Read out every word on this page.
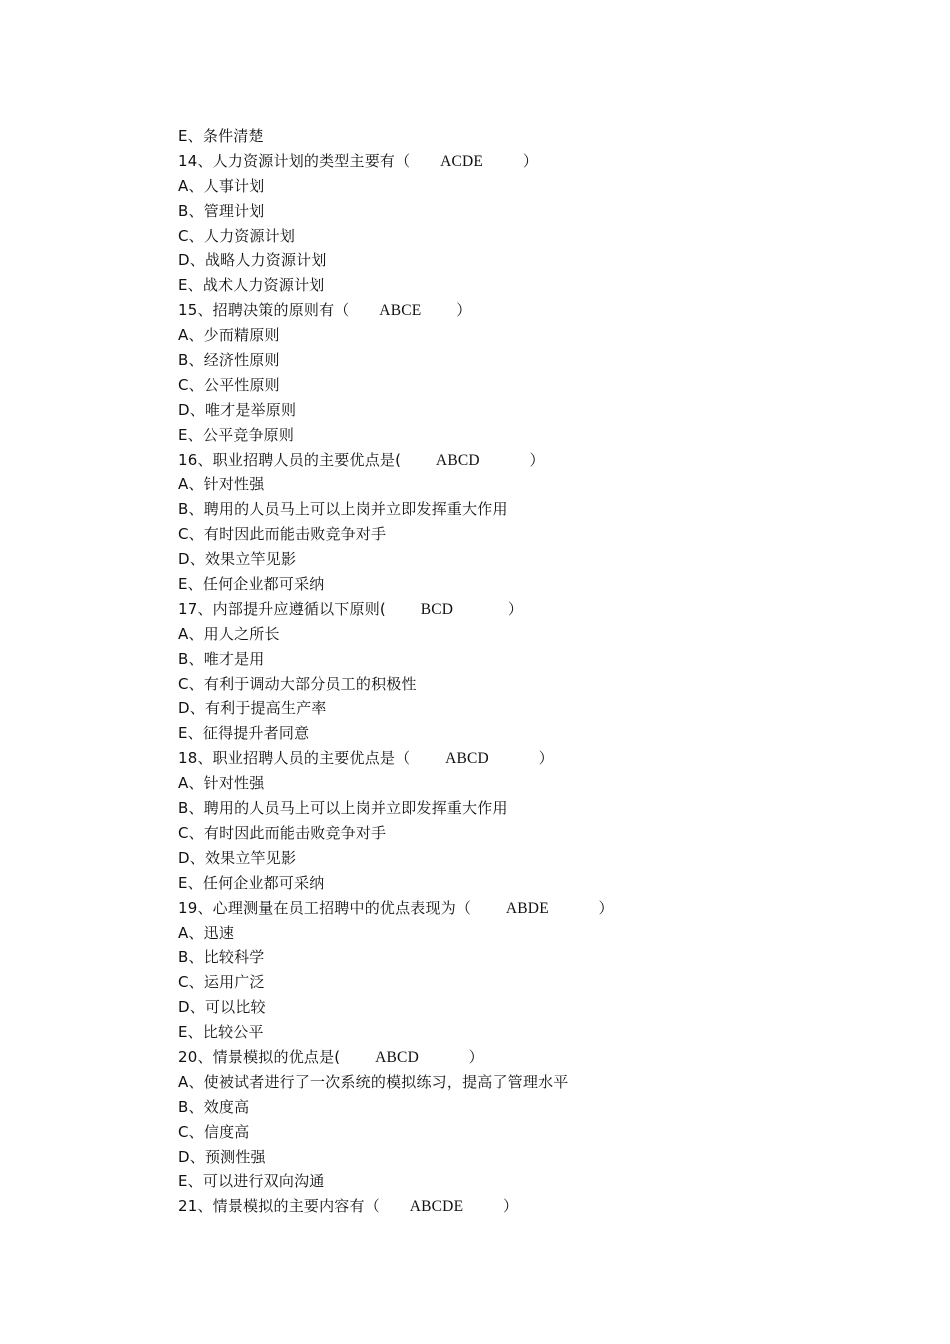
E、条件清楚
14、人力资源计划的类型主要有（      ACDE        ）
A、人事计划
B、管理计划
C、人力资源计划
D、战略人力资源计划
E、战术人力资源计划
15、招聘决策的原则有（      ABCE       ）
A、少而精原则
B、经济性原则
C、公平性原则
D、唯才是举原则
E、公平竞争原则
16、职业招聘人员的主要优点是(       ABCD          ）
A、针对性强
B、聘用的人员马上可以上岗并立即发挥重大作用
C、有时因此而能击败竞争对手
D、效果立竿见影
E、任何企业都可采纳
17、内部提升应遵循以下原则(       BCD           ）
A、用人之所长
B、唯才是用
C、有利于调动大部分员工的积极性
D、有利于提高生产率
E、征得提升者同意
18、职业招聘人员的主要优点是（       ABCD          ）
A、针对性强
B、聘用的人员马上可以上岗并立即发挥重大作用
C、有时因此而能击败竞争对手
D、效果立竿见影
E、任何企业都可采纳
19、心理测量在员工招聘中的优点表现为（       ABDE          ）
A、迅速
B、比较科学
C、运用广泛
D、可以比较
E、比较公平
20、情景模拟的优点是(       ABCD          ）
A、使被试者进行了一次系统的模拟练习，提高了管理水平
B、效度高
C、信度高
D、预测性强
E、可以进行双向沟通
21、情景模拟的主要内容有（      ABCDE        ）
